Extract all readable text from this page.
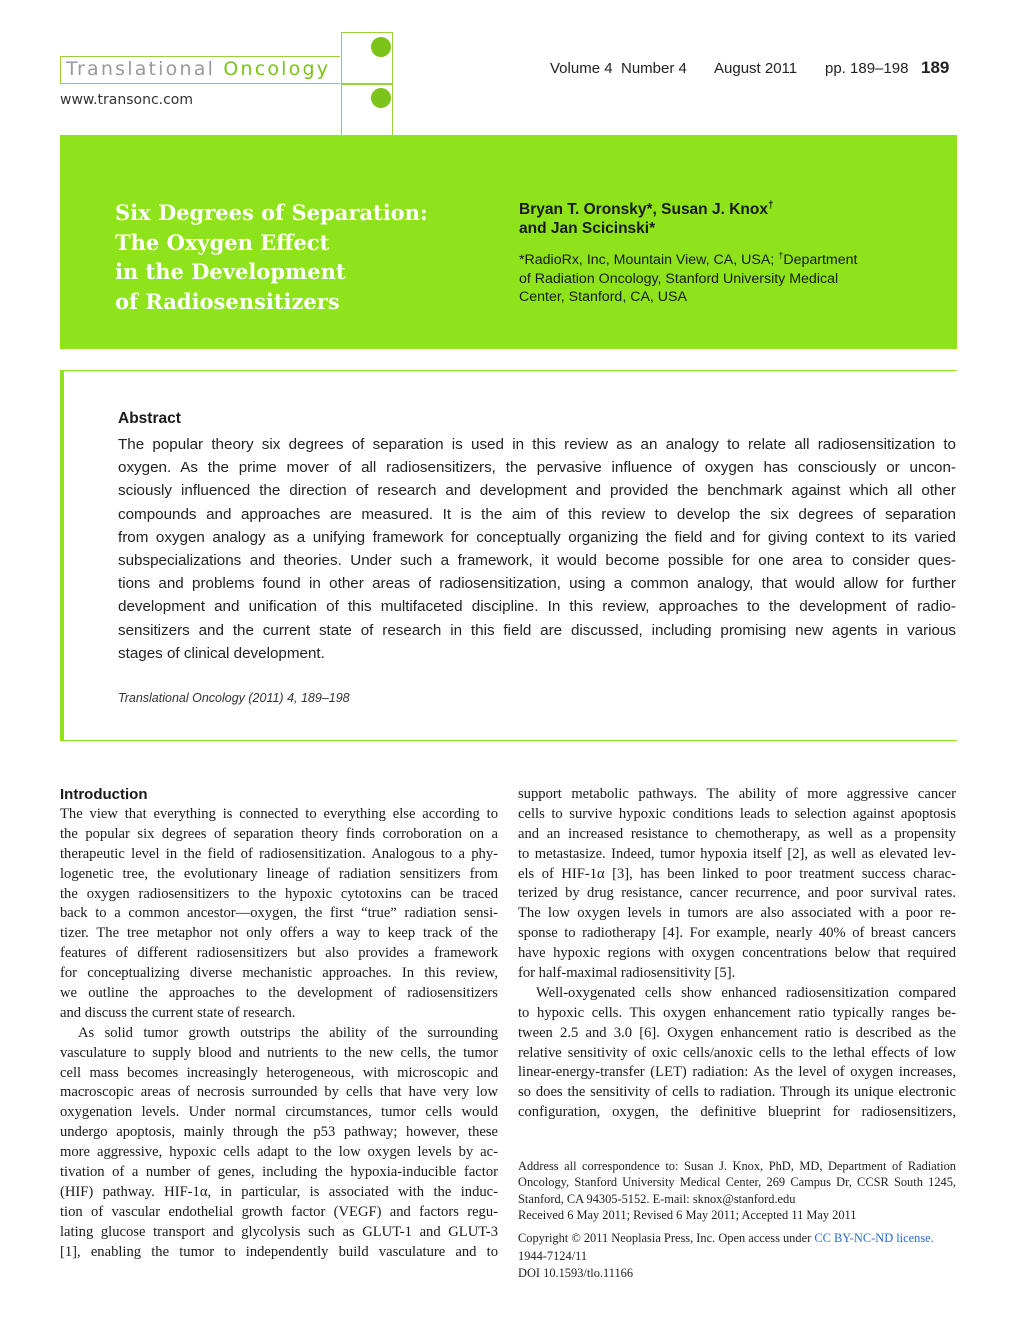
Translational Oncology
www.transonc.com
Volume 4 Number 4 August 2011 pp. 189–198 189
Six Degrees of Separation:
The Oxygen Effect
in the Development
of Radiosensitizers
Bryan T. Oronsky*, Susan J. Knox†
and Jan Scicinski*
*RadioRx, Inc, Mountain View, CA, USA; †Department
of Radiation Oncology, Stanford University Medical
Center, Stanford, CA, USA
Abstract
The popular theory six degrees of separation is used in this review as an analogy to relate all radiosensitization to
oxygen. As the prime mover of all radiosensitizers, the pervasive influence of oxygen has consciously or uncon-
sciously influenced the direction of research and development and provided the benchmark against which all other
compounds and approaches are measured. It is the aim of this review to develop the six degrees of separation
from oxygen analogy as a unifying framework for conceptually organizing the field and for giving context to its varied
subspecializations and theories. Under such a framework, it would become possible for one area to consider ques-
tions and problems found in other areas of radiosensitization, using a common analogy, that would allow for further
development and unification of this multifaceted discipline. In this review, approaches to the development of radio-
sensitizers and the current state of research in this field are discussed, including promising new agents in various
stages of clinical development.
Translational Oncology (2011) 4, 189–198
Introduction
The view that everything is connected to everything else according to
the popular six degrees of separation theory finds corroboration on a
therapeutic level in the field of radiosensitization. Analogous to a phy-
logenetic tree, the evolutionary lineage of radiation sensitizers from
the oxygen radiosensitizers to the hypoxic cytotoxins can be traced
back to a common ancestor—oxygen, the first “true” radiation sensi-
tizer. The tree metaphor not only offers a way to keep track of the
features of different radiosensitizers but also provides a framework
for conceptualizing diverse mechanistic approaches. In this review,
we outline the approaches to the development of radiosensitizers
and discuss the current state of research.
As solid tumor growth outstrips the ability of the surrounding
vasculature to supply blood and nutrients to the new cells, the tumor
cell mass becomes increasingly heterogeneous, with microscopic and
macroscopic areas of necrosis surrounded by cells that have very low
oxygenation levels. Under normal circumstances, tumor cells would
undergo apoptosis, mainly through the p53 pathway; however, these
more aggressive, hypoxic cells adapt to the low oxygen levels by ac-
tivation of a number of genes, including the hypoxia-inducible factor
(HIF) pathway. HIF-1α, in particular, is associated with the induc-
tion of vascular endothelial growth factor (VEGF) and factors regu-
lating glucose transport and glycolysis such as GLUT-1 and GLUT-3
[1], enabling the tumor to independently build vasculature and to
support metabolic pathways. The ability of more aggressive cancer
cells to survive hypoxic conditions leads to selection against apoptosis
and an increased resistance to chemotherapy, as well as a propensity
to metastasize. Indeed, tumor hypoxia itself [2], as well as elevated lev-
els of HIF-1α [3], has been linked to poor treatment success charac-
terized by drug resistance, cancer recurrence, and poor survival rates.
The low oxygen levels in tumors are also associated with a poor re-
sponse to radiotherapy [4]. For example, nearly 40% of breast cancers
have hypoxic regions with oxygen concentrations below that required
for half-maximal radiosensitivity [5].
Well-oxygenated cells show enhanced radiosensitization compared
to hypoxic cells. This oxygen enhancement ratio typically ranges be-
tween 2.5 and 3.0 [6]. Oxygen enhancement ratio is described as the
relative sensitivity of oxic cells/anoxic cells to the lethal effects of low
linear-energy-transfer (LET) radiation: As the level of oxygen increases,
so does the sensitivity of cells to radiation. Through its unique electronic
configuration, oxygen, the definitive blueprint for radiosensitizers,
Address all correspondence to: Susan J. Knox, PhD, MD, Department of Radiation
Oncology, Stanford University Medical Center, 269 Campus Dr, CCSR South 1245,
Stanford, CA 94305-5152. E-mail: sknox@stanford.edu
Received 6 May 2011; Revised 6 May 2011; Accepted 11 May 2011
Copyright © 2011 Neoplasia Press, Inc. Open access under CC BY-NC-ND license.
1944-7124/11
DOI 10.1593/tlo.11166
